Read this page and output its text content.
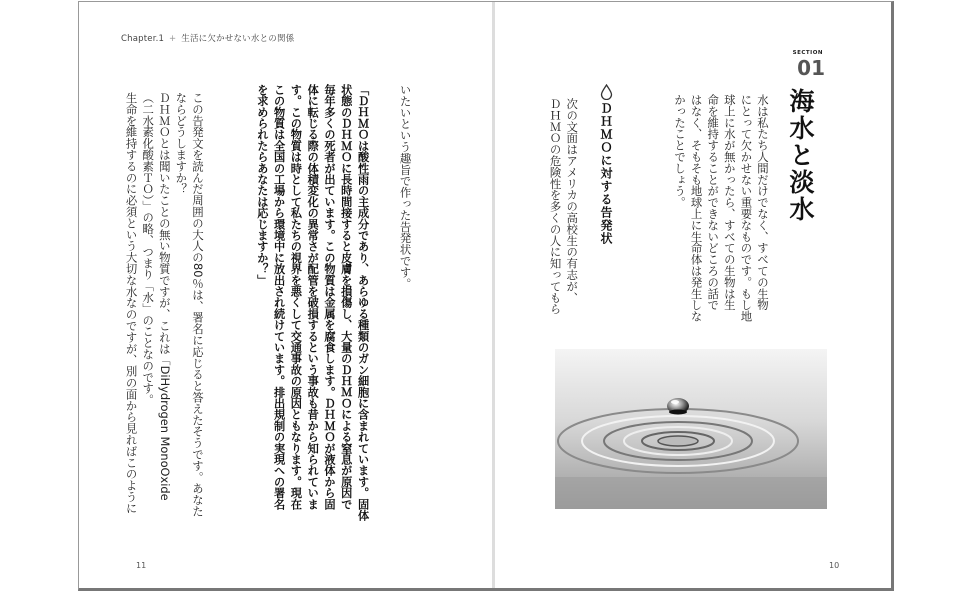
Chapter.1 + 生活に欠かせない水との関係
SECTION
01
海水と淡水
水は私たち人間だけでなく、すべての生物
にとって欠かせない重要なものです。もし地
球上に水が無かったら、すべての生物は生
命を維持することができないどころの話で
はなく、そもそも地球上に生命体は発生しな
かったことでしょう。
ＤＨＭＯに対する告発状
次の文面はアメリカの高校生の有志が、
ＤＨＭＯの危険性を多くの人に知ってもら
いたいという趣旨で作った告発状です。
「ＤＨＭＯは酸性雨の主成分であり、あらゆる種類のガン細胞に含まれています。固体
状態のＤＨＭＯに長時間接すると皮膚を損傷し、大量のＤＨＭＯによる窒息が原因で
毎年多くの死者が出ています。この物質は金属を腐食します。ＤＨＭＯが液体から固
体に転じる際の体積変化の異常さが配管を破損するという事故も昔から知られていま
す。この物質は時として私たちの視界を悪くして交通事故の原因ともなります。現在
この物質は全国の工場から環境中に放出され続けています。排出規制の実現への署名
を求められたらあなたは応じますか？」
この告発文を読んだ周囲の大人の80％は、署名に応じると答えたそうです。あなた
ならどうしますか？
ＤＨＭＯとは聞いたことの無い物質ですが、これは「DiHydrogen MonoOxide
（二水素化酸素ＴＯ）」の略、つまり「水」のことなのです。
生命を維持するのに必須という大切な水なのですが、別の面から見ればこのように
11	10
